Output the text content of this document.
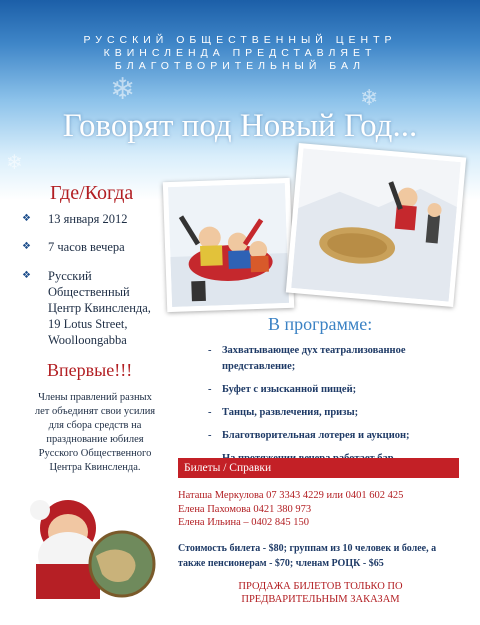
❄	❄
❄
РУССКИЙ ОБЩЕСТВЕННЫЙ ЦЕНТР
КВИНСЛЕНДА ПРЕДСТАВЛЯЕТ
БЛАГОТВОРИТЕЛЬНЫЙ БАЛ
Говорят под Новый Год...
Где/Когда
❖ 13 января 2012
❖ 7 часов вечера
❖ Русский
Общественный
Центр Квинсленда,
19 Lotus Street,
Woolloongabba
Впервые!!!
Члены правлений разных
лет объединят свои усилия
для сбора средств на
празднование юбилея
Русского Общественного
Центра Квинсленда.
В программе:
- Захватывающее дух театрализованное представление;
- Буфет с изысканной пищей;
- Танцы, развлечения, призы;
- Благотворительная лотерея и аукцион;
Билеты / Справки
Наташа Меркулова 07 3343 4229 или 0401 602 425
Елена Пахомова 0421 380 973
Елена Ильина – 0402 845 150
Стоимость билета - $80; группам из 10 человек и более, а также пенсионерам - $70; членам РОЦК - $65
ПРОДАЖА БИЛЕТОВ ТОЛЬКО ПО
ПРЕДВАРИТЕЛЬНЫМ ЗАКАЗАМ
